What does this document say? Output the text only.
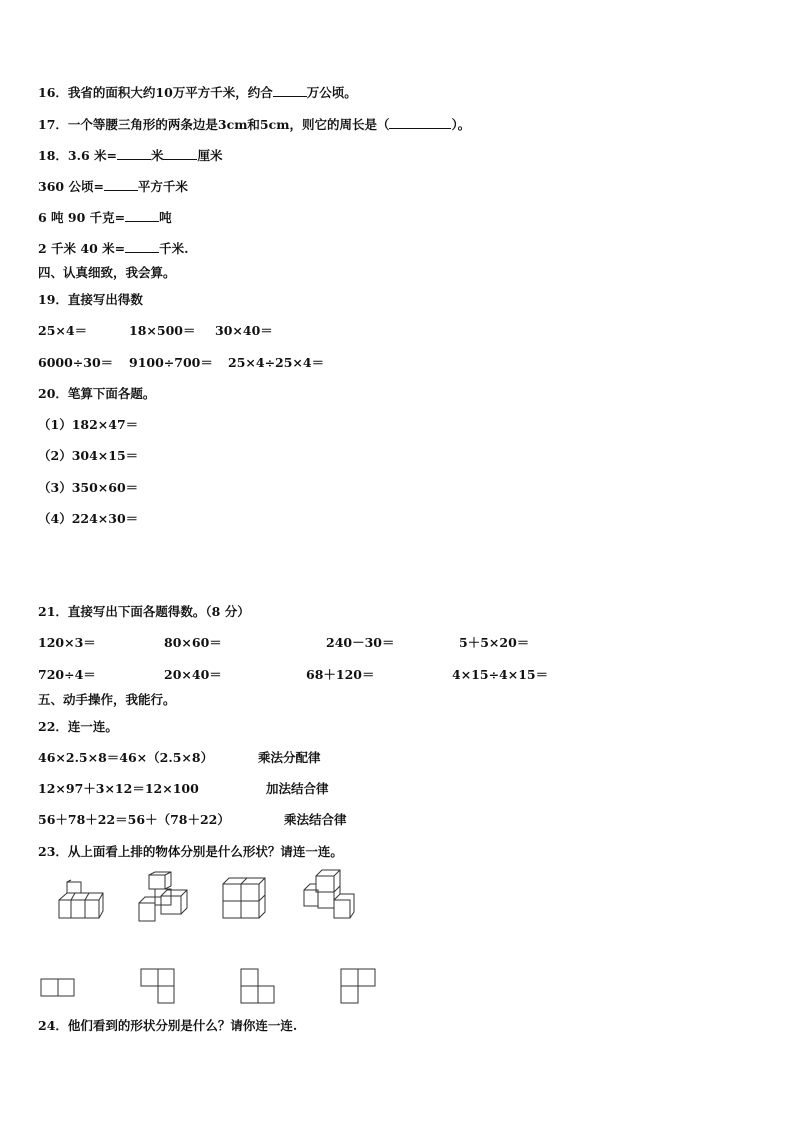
16．我省的面积大约10万平方千米，约合	万公顷。
17．一个等腰三角形的两条边是3cm和5cm，则它的周长是（	）。
18．3.6 米=	米	厘米
360 公顷=	平方千米
6 吨 90 千克=	吨
2 千米 40 米=	千米.
四、认真细致，我会算。
19．直接写出得数
25×4＝	18×500＝ 30×40＝
6000÷30＝ 9100÷700＝ 25×4÷25×4＝
20．笔算下面各题。
（1）182×47＝
（2）304×15＝
（3）350×60＝
（4）224×30＝
21．直接写出下面各题得数。（8 分）
120×3＝	80×60＝	240－30＝	5＋5×20＝
720÷4＝	20×40＝	68＋120＝	4×15÷4×15＝
五、动手操作，我能行。
22．连一连。
46×2.5×8＝46×（2.5×8）	乘法分配律
12×97＋3×12＝12×100	加法结合律
56＋78＋22＝56＋（78＋22）	乘法结合律
23．从上面看上排的物体分别是什么形状？请连一连。
24．他们看到的形状分别是什么？请你连一连.
